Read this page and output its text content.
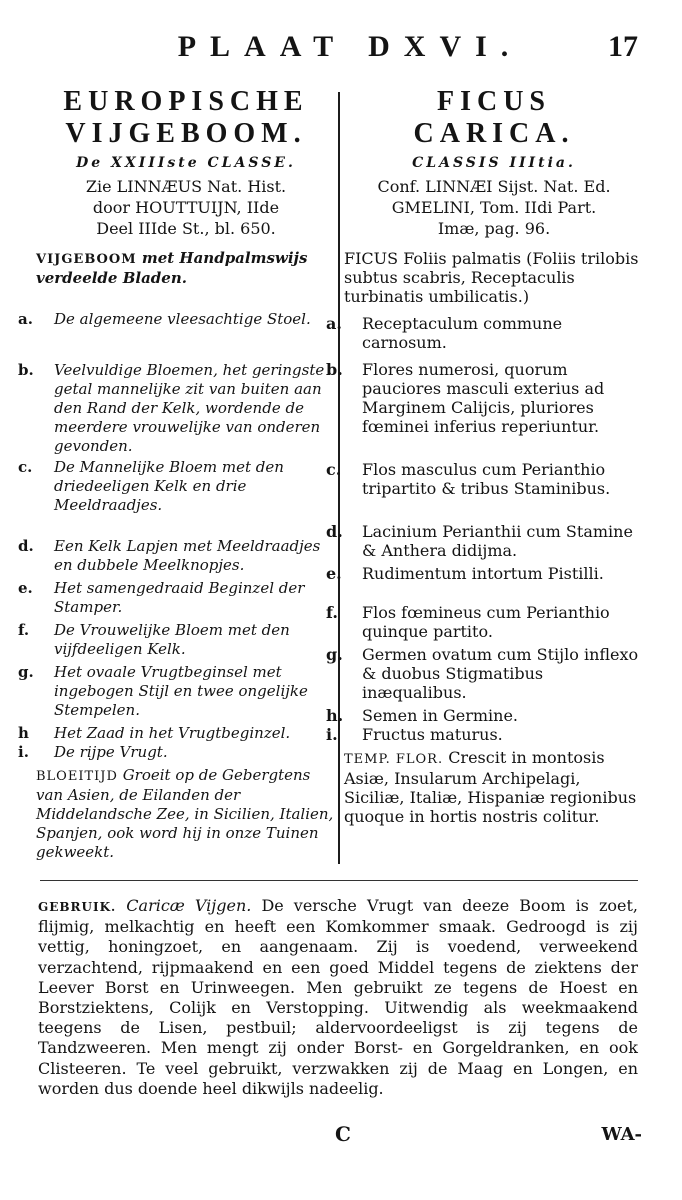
PLAAT DXVI.	17
EUROPISCHE
VIJGEBOOM.
De XXIIIste CLASSE.
Zie LINNÆUS Nat. Hist.
door HOUTTUIJN, IIde
Deel IIIde St., bl. 650.
VIJGEBOOM met Handpalmswijs verdeelde Bladen.
a. De algemeene vleesachtige Stoel.
b. Veelvuldige Bloemen, het geringste getal mannelijke zit van buiten aan den Rand der Kelk, wordende de meerdere vrouwelijke van onderen gevonden.
c. De Mannelijke Bloem met den driedeeligen Kelk en drie Meeldraadjes.
d. Een Kelk Lapjen met Meeldraadjes en dubbele Meelknopjes.
e. Het samengedraaid Beginzel der Stamper.
f. De Vrouwelijke Bloem met den vijfdeeligen Kelk.
g. Het ovaale Vrugtbeginsel met ingebogen Stijl en twee ongelijke Stempelen.
h Het Zaad in het Vrugtbeginzel.
i. De rijpe Vrugt.
BLOEITIJD Groeit op de Gebergtens van Asien, de Eilanden der Middelandsche Zee, in Sicilien, Italien, Spanjen, ook word hij in onze Tuinen gekweekt.
FICUS
CARICA.
CLASSIS IIItia.
Conf. LINNÆI Sijst. Nat. Ed.
GMELINI, Tom. IIdi Part.
Imæ, pag. 96.
FICUS Foliis palmatis (Foliis trilobis subtus scabris, Receptaculis turbinatis umbilicatis.)
a. Receptaculum commune carnosum.
b. Flores numerosi, quorum pauciores masculi exterius ad Marginem Calijcis, pluriores fœminei inferius reperiuntur.
c. Flos masculus cum Perianthio tripartito & tribus Staminibus.
d. Lacinium Perianthii cum Stamine & Anthera didijma.
e. Rudimentum intortum Pistilli.
f. Flos fœmineus cum Perianthio quinque partito.
g. Germen ovatum cum Stijlo inflexo & duobus Stigmatibus inæqualibus.
h. Semen in Germine.
i. Fructus maturus.
TEMP. FLOR. Crescit in montosis Asiæ, Insularum Archipelagi, Siciliæ, Italiæ, Hispaniæ regionibus quoque in hortis nostris colitur.
GEBRUIK. Caricæ Vijgen. De versche Vrugt van deeze Boom is zoet, flijmig, melkachtig en heeft een Komkommer smaak. Gedroogd is zij vettig, honingzoet, en aangenaam. Zij is voedend, verweekend verzachtend, rijpmaakend en een goed Middel tegens de ziektens der Leever Borst en Urinweegen. Men gebruikt ze tegens de Hoest en Borstziektens, Colijk en Verstopping. Uitwendig als weekmaakend teegens de Lisen, pestbuil; aldervoordeeligst is zij tegens de Tandzweeren. Men mengt zij onder Borst- en Gorgeldranken, en ook Clisteeren. Te veel gebruikt, verzwakken zij de Maag en Longen, en worden dus doende heel dikwijls nadeelig.
C	WA-
